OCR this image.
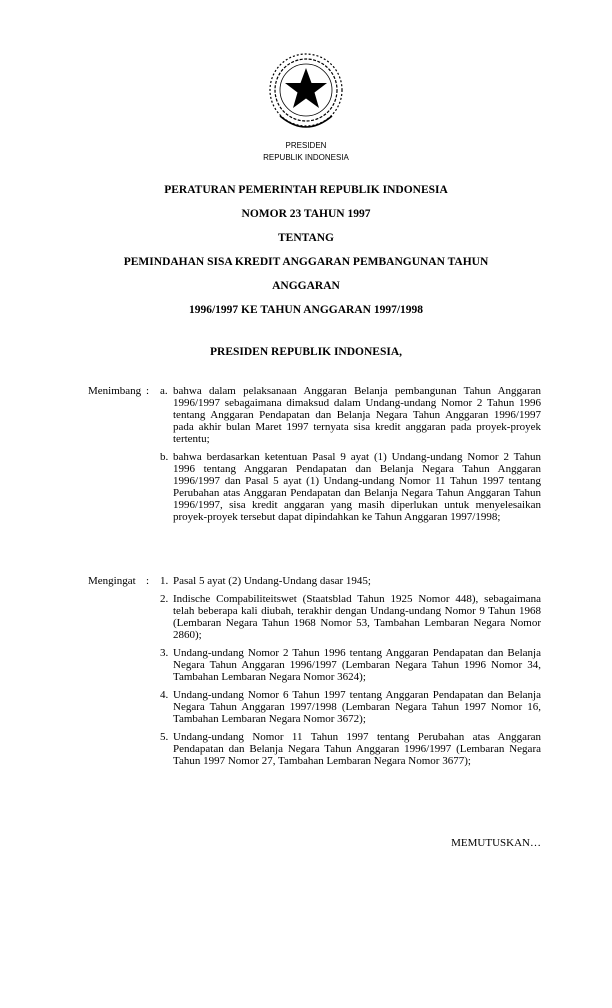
PRESIDEN
REPUBLIK INDONESIA
PERATURAN PEMERINTAH REPUBLIK INDONESIA
NOMOR 23 TAHUN 1997
TENTANG
PEMINDAHAN SISA KREDIT ANGGARAN PEMBANGUNAN TAHUN
ANGGARAN
1996/1997 KE TAHUN ANGGARAN 1997/1998
PRESIDEN REPUBLIK INDONESIA,
Menimbang : a. bahwa dalam pelaksanaan Anggaran Belanja pembangunan Tahun Anggaran 1996/1997 sebagaimana dimaksud dalam Undang-undang Nomor 2 Tahun 1996 tentang Anggaran Pendapatan dan Belanja Negara Tahun Anggaran 1996/1997 pada akhir bulan Maret 1997 ternyata sisa kredit anggaran pada proyek-proyek tertentu;
b. bahwa berdasarkan ketentuan Pasal 9 ayat (1) Undang-undang Nomor 2 Tahun 1996 tentang Anggaran Pendapatan dan Belanja Negara Tahun Anggaran 1996/1997 dan Pasal 5 ayat (1) Undang-undang Nomor 11 Tahun 1997 tentang Perubahan atas Anggaran Pendapatan dan Belanja Negara Tahun Anggaran Tahun 1996/1997, sisa kredit anggaran yang masih diperlukan untuk menyelesaikan proyek-proyek tersebut dapat dipindahkan ke Tahun Anggaran 1997/1998;
Mengingat : 1. Pasal 5 ayat (2) Undang-Undang dasar 1945;
2. Indische Compabiliteitswet (Staatsblad Tahun 1925 Nomor 448), sebagaimana telah beberapa kali diubah, terakhir dengan Undang-undang Nomor 9 Tahun 1968 (Lembaran Negara Tahun 1968 Nomor 53, Tambahan Lembaran Negara Nomor 2860);
3. Undang-undang Nomor 2 Tahun 1996 tentang Anggaran Pendapatan dan Belanja Negara Tahun Anggaran 1996/1997 (Lembaran Negara Tahun 1996 Nomor 34, Tambahan Lembaran Negara Nomor 3624);
4. Undang-undang Nomor 6 Tahun 1997 tentang Anggaran Pendapatan dan Belanja Negara Tahun Anggaran 1997/1998 (Lembaran Negara Tahun 1997 Nomor 16, Tambahan Lembaran Negara Nomor 3672);
5. Undang-undang Nomor 11 Tahun 1997 tentang Perubahan atas Anggaran Pendapatan dan Belanja Negara Tahun Anggaran 1996/1997 (Lembaran Negara Tahun 1997 Nomor 27, Tambahan Lembaran Negara Nomor 3677);
MEMUTUSKAN…
